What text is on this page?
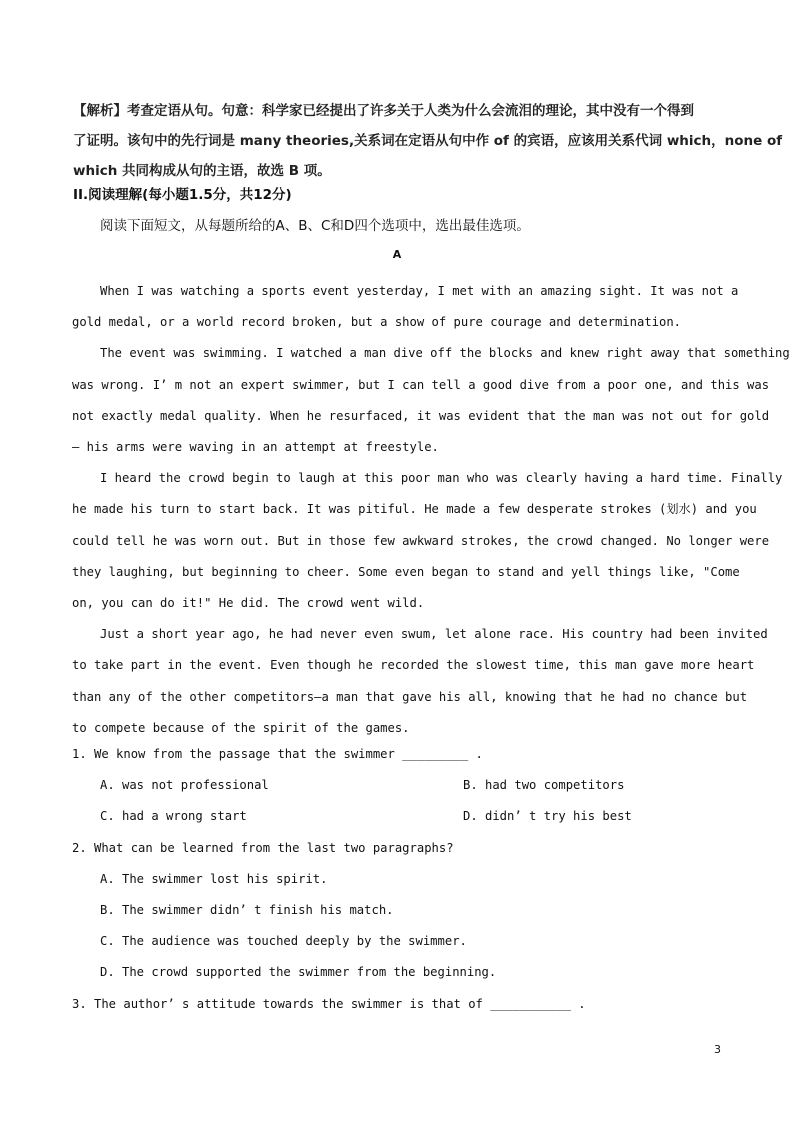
【解析】考查定语从句。句意：科学家已经提出了许多关于人类为什么会流泪的理论，其中没有一个得到

了证明。该句中的先行词是 many theories,关系词在定语从句中作 of 的宾语，应该用关系代词 which，none of

which 共同构成从句的主语，故选 B 项。

II.阅读理解(每小题1.5分，共12分)
阅读下面短文，从每题所给的A、B、C和D四个选项中，选出最佳选项。
A

When I was watching a sports event yesterday, I met with an amazing sight. It was not a
gold medal, or a world record broken, but a show of pure courage and determination.

The event was swimming. I watched a man dive off the blocks and knew right away that something
was wrong. I’ m not an expert swimmer, but I can tell a good dive from a poor one, and this was
not exactly medal quality. When he resurfaced, it was evident that the man was not out for gold
— his arms were waving in an attempt at freestyle.

I heard the crowd begin to laugh at this poor man who was clearly having a hard time. Finally
he made his turn to start back. It was pitiful. He made a few desperate strokes (划水) and you
could tell he was worn out. But in those few awkward strokes, the crowd changed. No longer were
they laughing, but beginning to cheer. Some even began to stand and yell things like, "Come
on, you can do it!" He did. The crowd went wild.

Just a short year ago, he had never even swum, let alone race. His country had been invited
to take part in the event. Even though he recorded the slowest time, this man gave more heart
than any of the other competitors—a man that gave his all, knowing that he had no chance but
to compete because of the spirit of the games.

1. We know from the passage that the swimmer _________ .
A. was not professional	B. had two competitors
C. had a wrong start	D. didn’ t try his best
2. What can be learned from the last two paragraphs?
A. The swimmer lost his spirit.
B. The swimmer didn’ t finish his match.
C. The audience was touched deeply by the swimmer.
D. The crowd supported the swimmer from the beginning.
3. The author’ s attitude towards the swimmer is that of ___________ .
3
